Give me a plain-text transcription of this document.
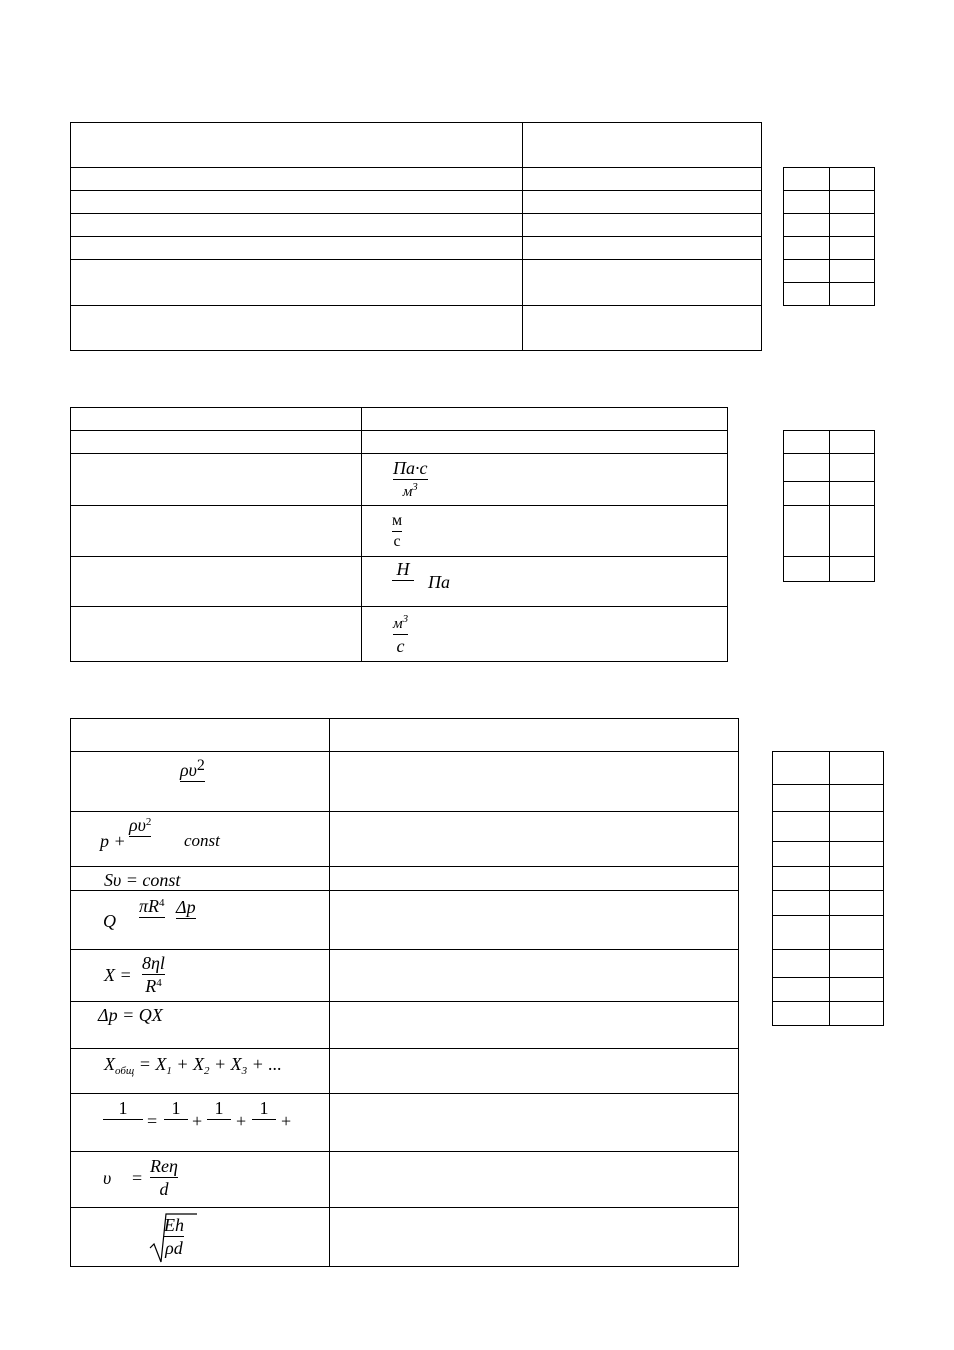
Па·с
$м^3$
м
с
Н

Па
$м^3$
с
$\rho\upsilon^2$

p +
$\rho\upsilon^2$

const
Sυ = const
Q
$\pi R^4$
Δp

X =
8ηl
$R^4$
Δp = QX
$X_{общ} = X_1 + X_2 + X_3$ + ...
1

=
1

+
1

+
1

+
υ =
Reη
d
Eh
ρd
